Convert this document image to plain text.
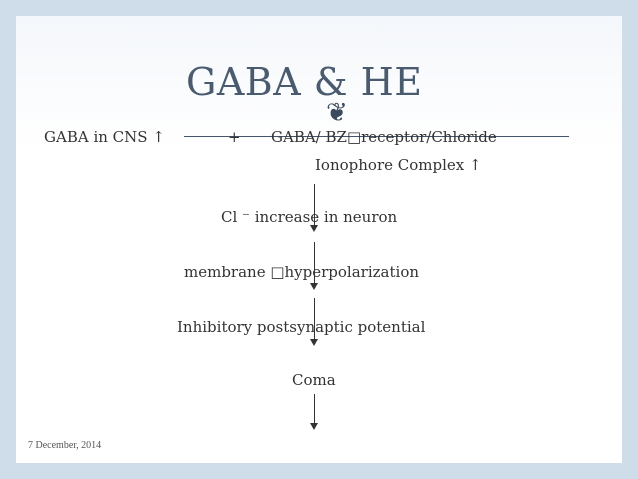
GABA & HE
❦
GABA in CNS ↑	+ GABA/ BZ□receptor/Chloride
Ionophore Complex ↑
Cl ⁻ increase in neuron
membrane □hyperpolarization
Inhibitory postsynaptic potential
Coma
7 December, 2014
